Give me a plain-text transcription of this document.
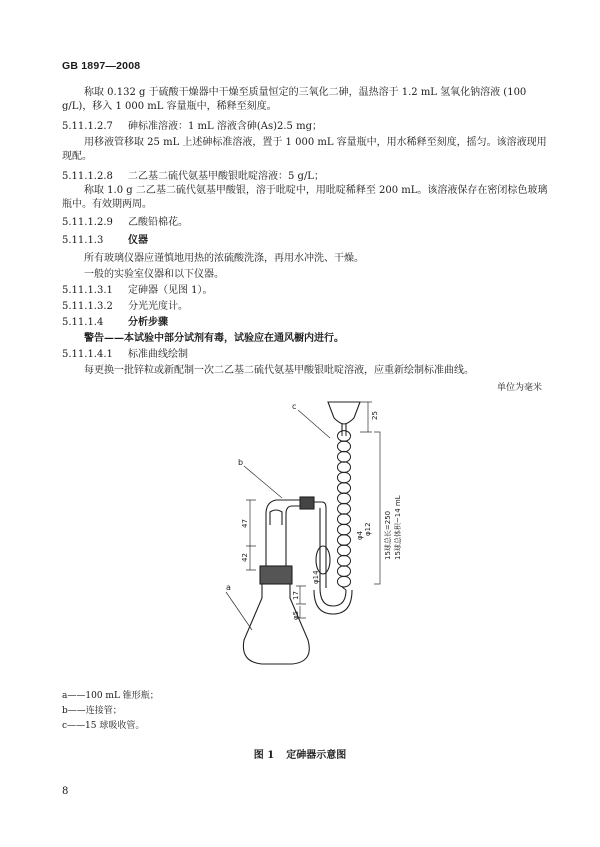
GB 1897—2008
称取 0.132 g 于硫酸干燥器中干燥至质量恒定的三氧化二砷，温热溶于 1.2 mL 氢氧化钠溶液 (100 g/L)，移入 1 000 mL 容量瓶中，稀释至刻度。
5.11.1.2.7 砷标准溶液：1 mL 溶液含砷(As)2.5 mg；
用移液管移取 25 mL 上述砷标准溶液，置于 1 000 mL 容量瓶中，用水稀释至刻度，摇匀。该溶液现用现配。
5.11.1.2.8 二乙基二硫代氨基甲酸银吡啶溶液：5 g/L；
称取 1.0 g 二乙基二硫代氨基甲酸银，溶于吡啶中，用吡啶稀释至 200 mL。该溶液保存在密闭棕色玻璃瓶中。有效期两周。
5.11.1.2.9 乙酸铅棉花。
5.11.1.3 仪器
所有玻璃仪器应谨慎地用热的浓硫酸洗涤，再用水冲洗、干燥。
一般的实验室仪器和以下仪器。
5.11.1.3.1 定砷器（见图 1）。
5.11.1.3.2 分光光度计。
5.11.1.4 分析步骤
警告——本试验中部分试剂有毒，试验应在通风橱内进行。
5.11.1.4.1 标准曲线绘制
每更换一批锌粒或新配制一次二乙基二硫代氨基甲酸银吡啶溶液，应重新绘制标准曲线。
单位为毫米
a
b
c
25
47
42
17
φ5
φ12
φ14
φ4	15球总长=250 15球总体积~14 mL
a——100 mL 锥形瓶；
b——连接管；
c——15 球吸收管。
图 1 定砷器示意图
8
